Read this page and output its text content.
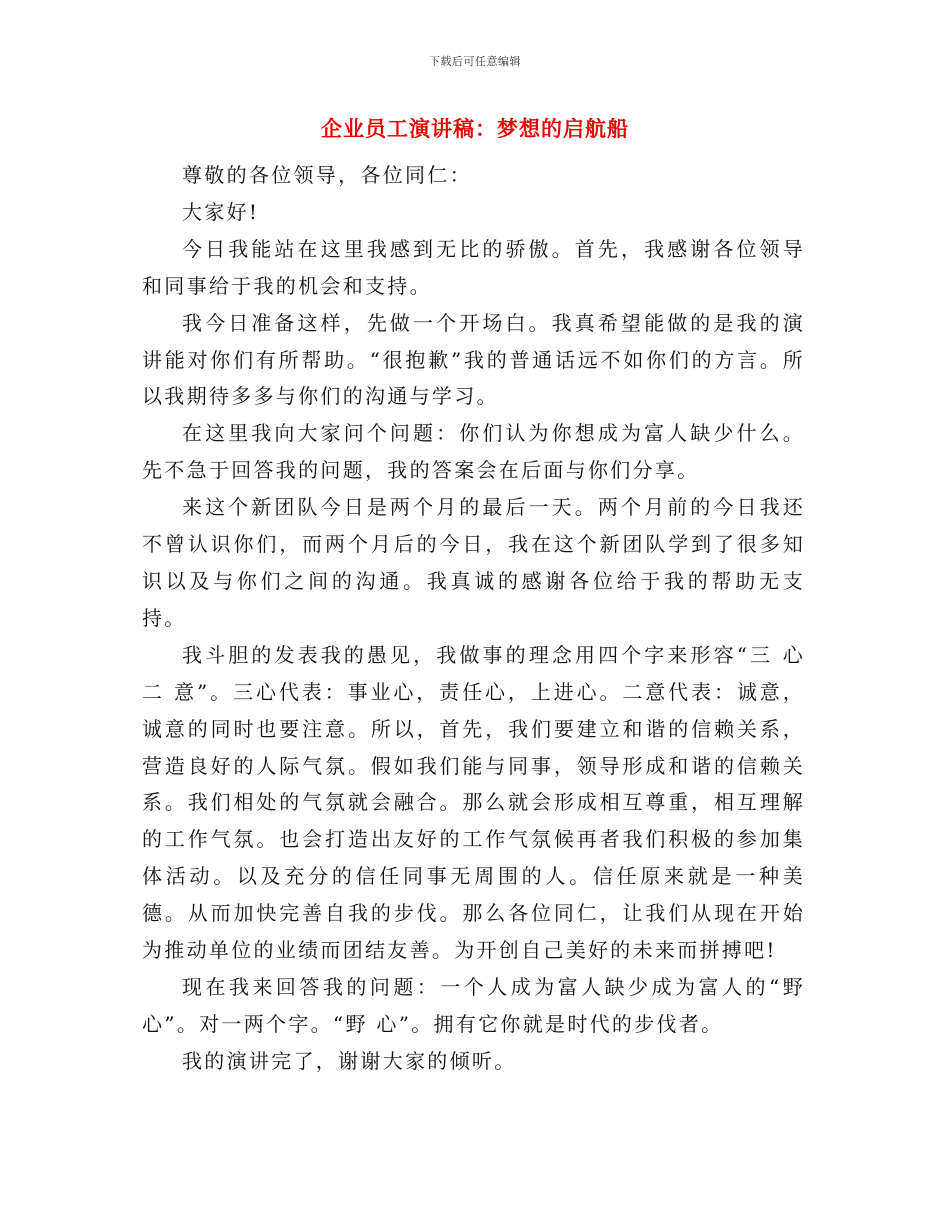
下载后可任意编辑
企业员工演讲稿：梦想的启航船

尊敬的各位领导，各位同仁：

大家好!

今日我能站在这里我感到无比的骄傲。首先，我感谢各位领导和同事给于我的机会和支持。

我今日准备这样，先做一个开场白。我真希望能做的是我的演讲能对你们有所帮助。“很抱歉”我的普通话远不如你们的方言。所以我期待多多与你们的沟通与学习。

在这里我向大家问个问题：你们认为你想成为富人缺少什么。先不急于回答我的问题，我的答案会在后面与你们分享。

来这个新团队今日是两个月的最后一天。两个月前的今日我还不曾认识你们，而两个月后的今日，我在这个新团队学到了很多知识以及与你们之间的沟通。我真诚的感谢各位给于我的帮助无支持。

我斗胆的发表我的愚见，我做事的理念用四个字来形容“三 心 二 意”。三心代表：事业心，责任心，上进心。二意代表：诚意，诚意的同时也要注意。所以，首先，我们要建立和谐的信赖关系，营造良好的人际气氛。假如我们能与同事，领导形成和谐的信赖关系。我们相处的气氛就会融合。那么就会形成相互尊重，相互理解的工作气氛。也会打造出友好的工作气氛候再者我们积极的参加集体活动。以及充分的信任同事无周围的人。信任原来就是一种美德。从而加快完善自我的步伐。那么各位同仁，让我们从现在开始为推动单位的业绩而团结友善。为开创自己美好的未来而拼搏吧!

现在我来回答我的问题：一个人成为富人缺少成为富人的“野心”。对一两个字。“野 心”。拥有它你就是时代的步伐者。

我的演讲完了，谢谢大家的倾听。
